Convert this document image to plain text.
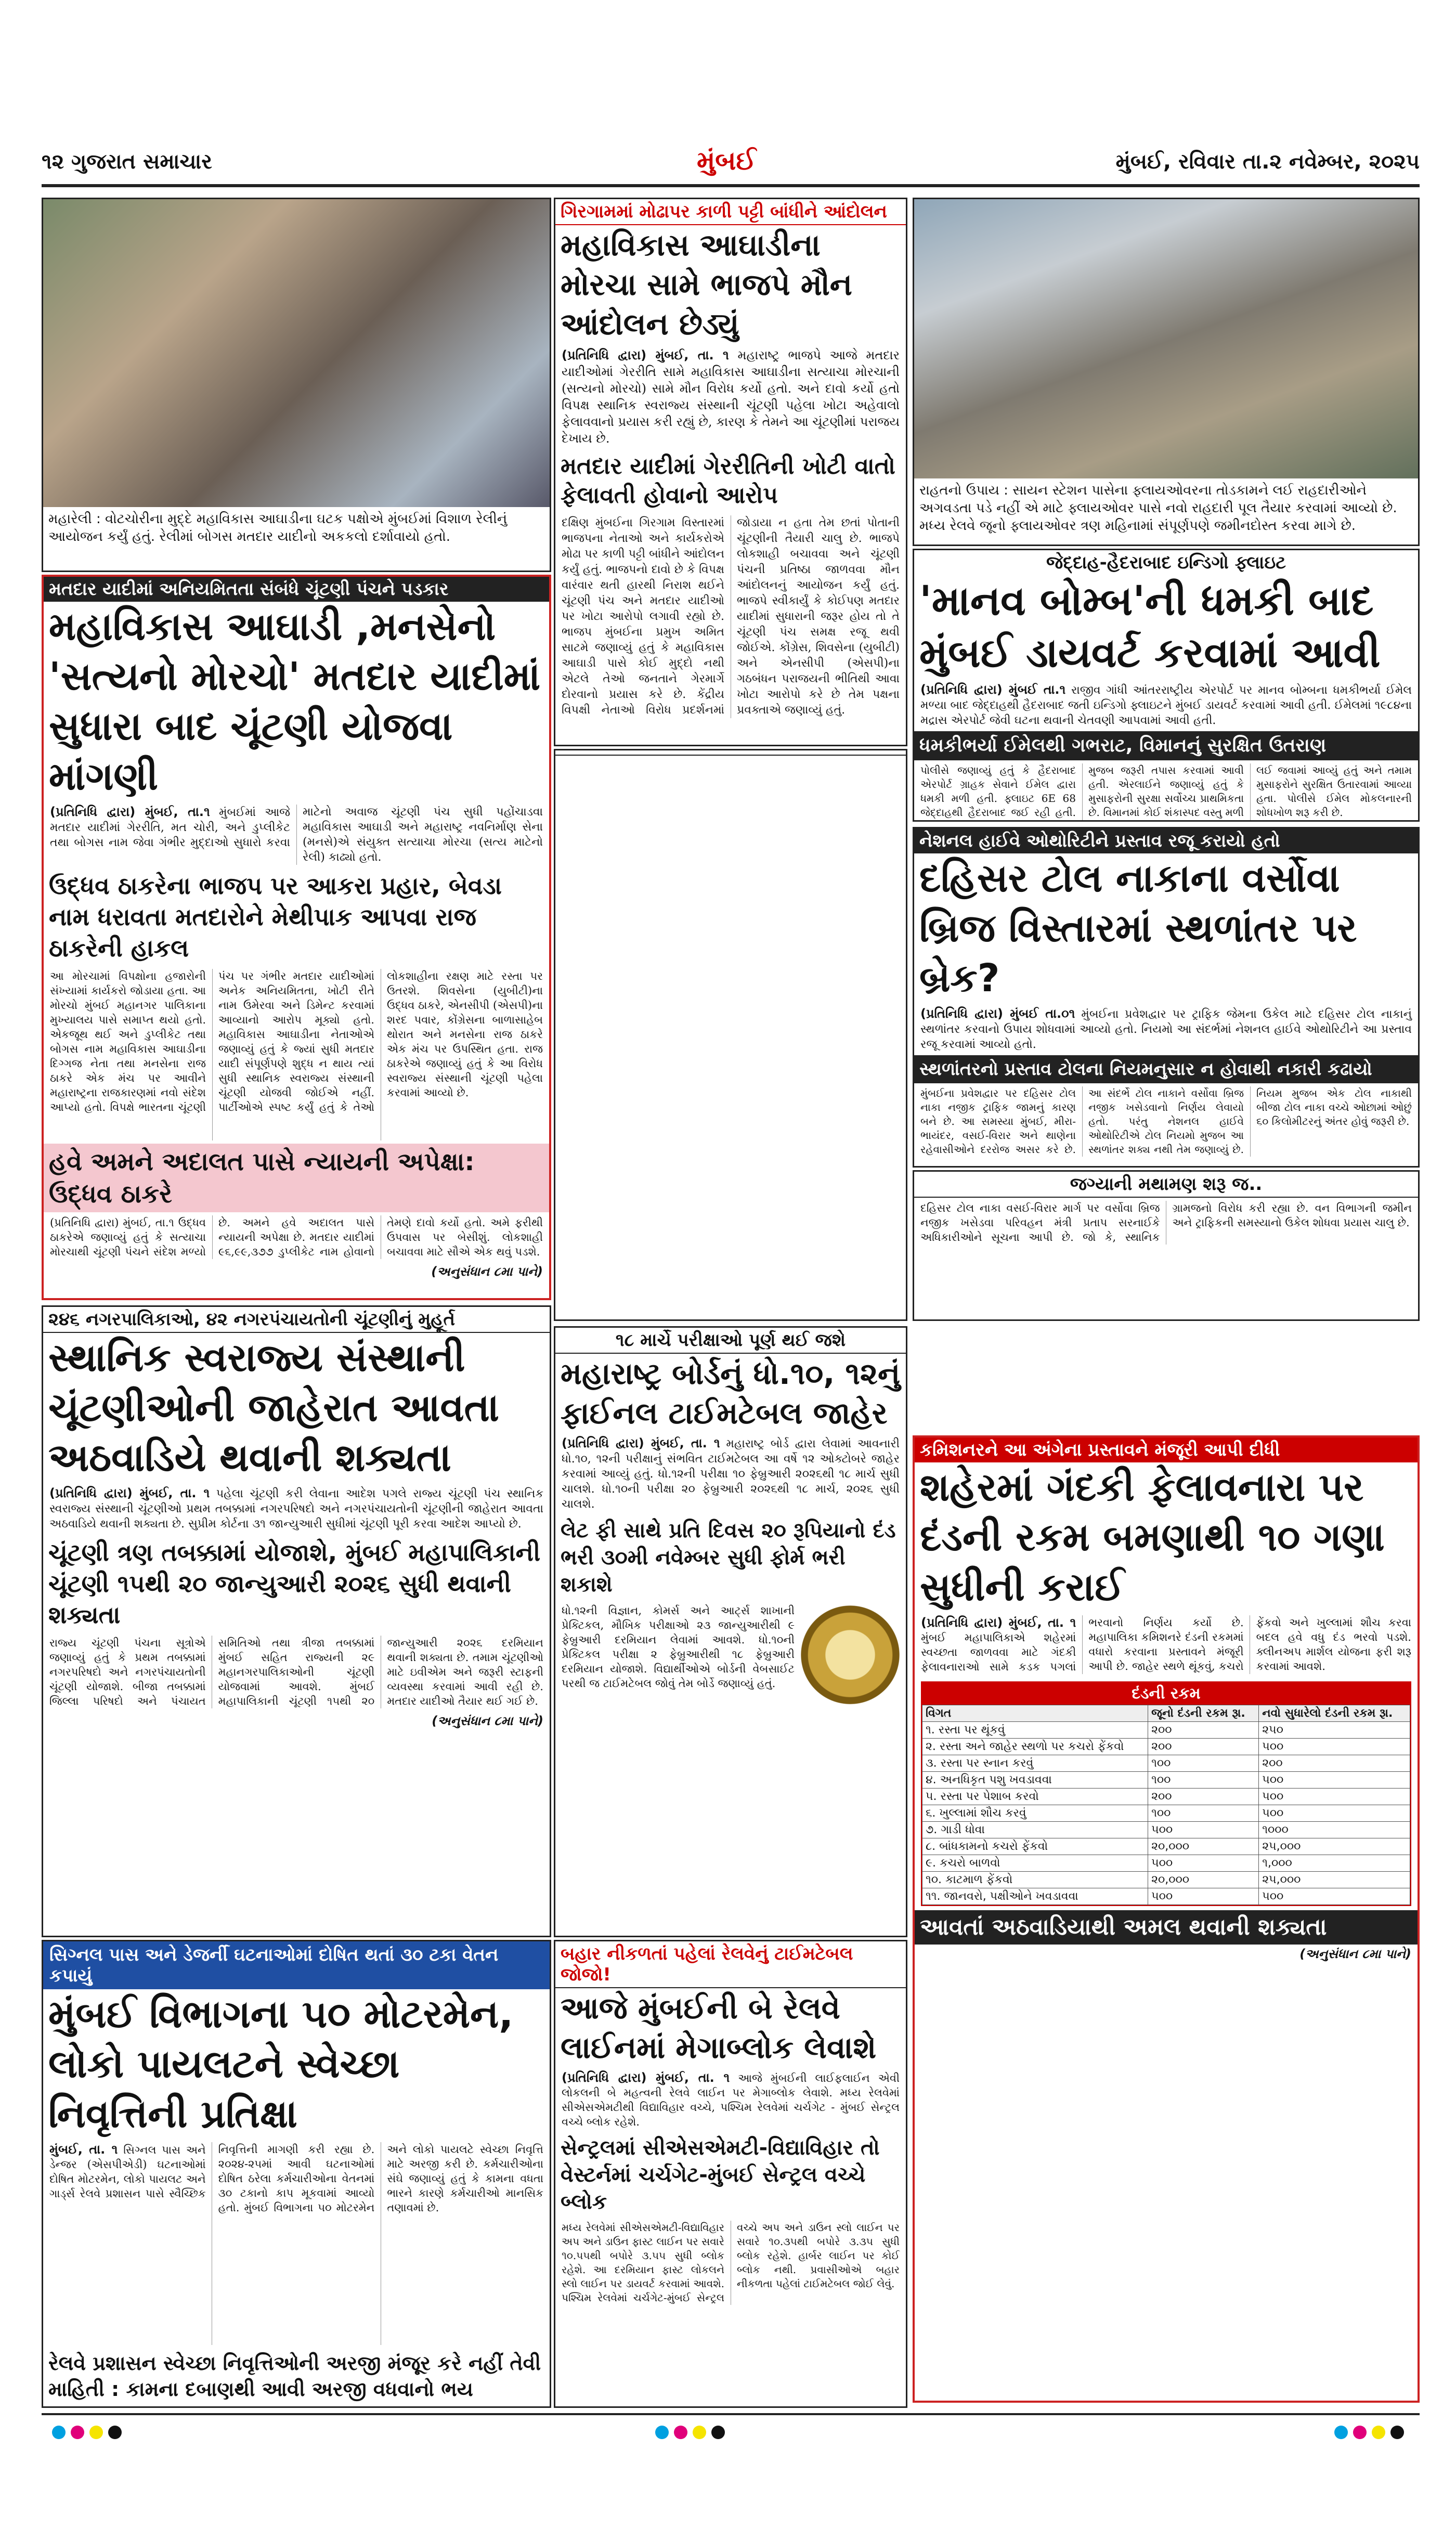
૧૨ ગુજરાત સમાચાર	મુંબઈ	મુંબઈ, રવિવાર તા.૨ નવેમ્બર, ૨૦૨૫
મહારેલી : વોટચોરીના મુદ્દે મહાવિકાસ આઘાડીના ઘટક પક્ષોએ મુંબઈમાં વિશાળ રેલીનું આયોજન કર્યું હતું. રેલીમાં બોગસ મતદાર યાદીનો અકકલો દર્શાવાયો હતો.
ગિરગામમાં મોઢાપર કાળી પટ્ટી બાંધીને આંદોલન
મહાવિકાસ આઘાડીના મોરચા સામે ભાજપે મૌન આંદોલન છેડ્યું
(પ્રતિનિધિ દ્વારા) મુંબઈ, તા. ૧ મહારાષ્ટ્ર ભાજપે આજે મતદાર યાદીઓમાં ગેરરીતિ સામે મહાવિકાસ આઘાડીના સત્યાચા મોરચાની (સત્યનો મોરચો) સામે મૌન વિરોધ કર્યો હતો. અને દાવો કર્યો હતો વિપક્ષ સ્થાનિક સ્વરાજ્ય સંસ્થાની ચૂંટણી પહેલા ખોટા અહેવાલો ફેલાવવાનો પ્રયાસ કરી રહ્યું છે, કારણ કે તેમને આ ચૂંટણીમાં પરાજય દેખાય છે.
મતદાર યાદીમાં ગેરરીતિની ખોટી વાતો ફેલાવતી હોવાનો આરોપ
દક્ષિણ મુંબઈના ગિરગામ વિસ્તારમાં ભાજપના નેતાઓ અને કાર્યકરોએ મોઢા પર કાળી પટ્ટી બાંધીને આંદોલન કર્યું હતું. ભાજપનો દાવો છે કે વિપક્ષ વારંવાર થતી હારથી નિરાશ થઈને ચૂંટણી પંચ અને મતદાર યાદીઓ પર ખોટા આરોપો લગાવી રહ્યો છે. ભાજપ મુંબઈના પ્રમુખ અમિત સાટમે જણાવ્યું હતું કે મહાવિકાસ આઘાડી પાસે કોઈ મુદ્દો નથી એટલે તેઓ જનતાને ગેરમાર્ગે દોરવાનો પ્રયાસ કરે છે. કેંદ્રીય વિપક્ષી નેતાઓ વિરોધ પ્રદર્શનમાં જોડાયા ન હતા તેમ છતાં પોતાની ચૂંટણીની તૈયારી ચાલુ છે. ભાજપે લોકશાહી બચાવવા અને ચૂંટણી પંચની પ્રતિષ્ઠા જાળવવા મૌન આંદોલનનું આયોજન કર્યું હતું. ભાજપે સ્વીકાર્યું કે કોઈપણ મતદાર યાદીમાં સુધારાની જરૂર હોય તો તે ચૂંટણી પંચ સમક્ષ રજૂ થવી જોઈએ. કોંગ્રેસ, શિવસેના (યુબીટી) અને એનસીપી (એસપી)ના ગઠબંધન પરાજયની ભીતિથી આવા ખોટા આરોપો કરે છે તેમ પક્ષના પ્રવક્તાએ જણાવ્યું હતું.
રાહતનો ઉપાય : સાયન સ્ટેશન પાસેના ફ્લાયઓવરના તોડકામને લઈ રાહદારીઓને અગવડતા પડે નહીં એ માટે ફ્લાયઓવર પાસે નવો રાહદારી પૂલ તૈયાર કરવામાં આવ્યો છે. મધ્ય રેલવે જૂનો ફ્લાયઓવર ત્રણ મહિનામાં સંપૂર્ણપણે જમીનદોસ્ત કરવા માગે છે.
જેદ્દાહ-હૈદરાબાદ ઇન્ડિગો ફ્લાઇટ
'માનવ બોમ્બ'ની ધમકી બાદ મુંબઈ ડાયવર્ટ કરવામાં આવી
(પ્રતિનિધિ દ્વારા) મુંબઈ તા.૧ રાજીવ ગાંધી આંતરરાષ્ટ્રીય એરપોર્ટ પર માનવ બોમ્બના ધમકીભર્યા ઈમેલ મળ્યા બાદ જેદ્દાહથી હૈદરાબાદ જતી ઇન્ડિગો ફ્લાઇટને મુંબઈ ડાયવર્ટ કરવામાં આવી હતી. ઈમેલમાં ૧૯૮૪ના મદ્રાસ એરપોર્ટ જેવી ઘટના થવાની ચેતવણી આપવામાં આવી હતી.
ધમકીભર્યા ઈમેલથી ગભરાટ, વિમાનનું સુરક્ષિત ઉતરાણ
પોલીસે જણાવ્યું હતું કે હૈદરાબાદ એરપોર્ટ ગ્રાહક સેવાને ઈમેલ દ્વારા ધમકી મળી હતી. ફ્લાઇટ 6E 68 જેદ્દાહથી હૈદરાબાદ જઈ રહી હતી. મુજબ જરૂરી તપાસ કરવામાં આવી હતી. એરલાઈને જણાવ્યું હતું કે મુસાફરોની સુરક્ષા સર્વોચ્ચ પ્રાથમિકતા છે. વિમાનમાં કોઈ શંકાસ્પદ વસ્તુ મળી લઈ જવામાં આવ્યું હતું અને તમામ મુસાફરોને સુરક્ષિત ઉતારવામાં આવ્યા હતા. પોલીસે ઈમેલ મોકલનારની શોધખોળ શરૂ કરી છે.
મતદાર યાદીમાં અનિયમિતતા સંબંધે ચૂંટણી પંચને પડકાર
મહાવિકાસ આઘાડી ,મનસેનો 'સત્યનો મોરચો' મતદાર યાદીમાં સુધારા બાદ ચૂંટણી યોજવા માંગણી
(પ્રતિનિધિ દ્વારા) મુંબઈ, તા.૧ મુંબઈમાં આજે મતદાર યાદીમાં ગેરરીતિ, મત ચોરી, અને ડુપ્લીકેટ તથા બોગસ નામ જેવા ગંભીર મુદ્દાઓ સુધારો કરવા માટેનો અવાજ ચૂંટણી પંચ સુધી પહોંચાડવા મહાવિકાસ આઘાડી અને મહારાષ્ટ્ર નવનિર્માણ સેના (મનસે)એ સંયુક્ત સત્યાચા મોરચા (સત્ય માટેનો રેલી) કાઢ્યો હતો.
ઉદ્ધવ ઠાકરેના ભાજપ પર આકરા પ્રહાર, બેવડા નામ ધરાવતા મતદારોને મેથીપાક આપવા રાજ ઠાકરેની હાકલ
આ મોરચામાં વિપક્ષોના હજારોની સંખ્યામાં કાર્યકરો જોડાયા હતા. આ મોરચો મુંબઈ મહાનગર પાલિકાના મુખ્યાલય પાસે સમાપ્ત થયો હતો. એકજૂથ થઈ અને ડુપ્લીકેટ તથા બોગસ નામ મહાવિકાસ આઘાડીના દિગ્ગજ નેતા તથા મનસેના રાજ ઠાકરે એક મંચ પર આવીને મહારાષ્ટ્રના રાજકારણમાં નવો સંદેશ આપ્યો હતો. વિપક્ષે ભારતના ચૂંટણી પંચ પર ગંભીર મતદાર યાદીઓમાં અનેક અનિયમિતતા, ખોટી રીતે નામ ઉમેરવા અને ડિમેન્ટ કરવામાં આવ્યાનો આરોપ મૂક્યો હતો. મહાવિકાસ આઘાડીના નેતાઓએ જણાવ્યું હતું કે જ્યાં સુધી મતદાર યાદી સંપૂર્ણપણે શુદ્ધ ન થાય ત્યાં સુધી સ્થાનિક સ્વરાજ્ય સંસ્થાની ચૂંટણી યોજવી જોઈએ નહીં. પાર્ટીઓએ સ્પષ્ટ કર્યું હતું કે તેઓ લોકશાહીના રક્ષણ માટે રસ્તા પર ઉતરશે. શિવસેના (યુબીટી)ના ઉદ્ધવ ઠાકરે, એનસીપી (એસપી)ના શરદ પવાર, કોંગ્રેસના બાળાસાહેબ થોરાત અને મનસેના રાજ ઠાકરે એક મંચ પર ઉપસ્થિત હતા. રાજ ઠાકરેએ જણાવ્યું હતું કે આ વિરોધ સ્વરાજ્ય સંસ્થાની ચૂંટણી પહેલા કરવામાં આવ્યો છે.
હવે અમને અદાલત પાસે ન્યાયની અપેક્ષા: ઉદ્ધવ ઠાકરે
(પ્રતિનિધિ દ્વારા) મુંબઈ, તા.૧ ઉદ્ધવ ઠાકરેએ જણાવ્યું હતું કે સત્યાચા મોરચાથી ચૂંટણી પંચને સંદેશ મળ્યો છે. અમને હવે અદાલત પાસે ન્યાયની અપેક્ષા છે. મતદાર યાદીમાં ૯૬,૯૯,૩૭૭ ડુપ્લીકેટ નામ હોવાનો તેમણે દાવો કર્યો હતો. અમે ફરીથી ઉપવાસ પર બેસીશું. લોકશાહી બચાવવા માટે સૌએ એક થવું પડશે.
(અનુસંધાન ૮મા પાને)
નેશનલ હાઈવે ઓથોરિટીને પ્રસ્તાવ રજૂ કરાયો હતો
દહિસર ટોલ નાકાના વર્સોવા બ્રિજ વિસ્તારમાં સ્થળાંતર પર બ્રેક?
(પ્રતિનિધિ દ્વારા) મુંબઈ તા.૦૧ મુંબઈના પ્રવેશદ્વાર પર ટ્રાફિક જેમના ઉકેલ માટે દહિસર ટોલ નાકાનું સ્થળાંતર કરવાનો ઉપાય શોધવામાં આવ્યો હતો. નિયમો આ સંદર્ભમાં નેશનલ હાઈવે ઓથોરિટીને આ પ્રસ્તાવ રજૂ કરવામાં આવ્યો હતો.
સ્થળાંતરનો પ્રસ્તાવ ટોલના નિયમનુસાર ન હોવાથી નકારી કઢાયો
મુંબઈના પ્રવેશદ્વાર પર દહિસર ટોલ નાકા નજીક ટ્રાફિક જામનું કારણ બને છે. આ સમસ્યા મુંબઈ, મીરા-ભાયંદર, વસઈ-વિરાર અને થાણેના રહેવાસીઓને દરરોજ અસર કરે છે. આ સંદર્ભે ટોલ નાકાને વર્સોવા બ્રિજ નજીક ખસેડવાનો નિર્ણય લેવાયો હતો. પરંતુ નેશનલ હાઈવે ઓથોરિટીએ ટોલ નિયમો મુજબ આ સ્થળાંતર શક્ય નથી તેમ જણાવ્યું છે. નિયમ મુજબ એક ટોલ નાકાથી બીજા ટોલ નાકા વચ્ચે ઓછામાં ઓછું ૬૦ કિલોમીટરનું અંતર હોવું જરૂરી છે.
જગ્યાની મથામણ શરૂ જ..
દહિસર ટોલ નાકા વસઈ-વિરાર માર્ગ પર વર્સોવા બ્રિજ નજીક ખસેડવા પરિવહન મંત્રી પ્રતાપ સરનાઈકે અધિકારીઓને સૂચના આપી છે. જો કે, સ્થાનિક ગ્રામજનો વિરોધ કરી રહ્યા છે. વન વિભાગની જમીન અને ટ્રાફિકની સમસ્યાનો ઉકેલ શોધવા પ્રયાસ ચાલુ છે.
૨૪૬ નગરપાલિકાઓ, ૪૨ નગરપંચાયતોની ચૂંટણીનું મુહૂર્ત
સ્થાનિક સ્વરાજ્ય સંસ્થાની ચૂંટણીઓની જાહેરાત આવતા અઠવાડિયે થવાની શક્યતા
(પ્રતિનિધિ દ્વારા) મુંબઈ, તા. ૧ પહેલા ચૂંટણી કરી લેવાના આદેશ પગલે રાજ્ય ચૂંટણી પંચ સ્થાનિક સ્વરાજ્ય સંસ્થાની ચૂંટણીઓ પ્રથમ તબક્કામાં નગરપરિષદો અને નગરપંચાયતોની ચૂંટણીની જાહેરાત આવતા અઠવાડિયે થવાની શક્યતા છે. સુપ્રીમ કોર્ટના ૩૧ જાન્યુઆરી સુધીમાં ચૂંટણી પૂરી કરવા આદેશ આપ્યો છે.
ચૂંટણી ત્રણ તબક્કામાં યોજાશે, મુંબઈ મહાપાલિકાની ચૂંટણી ૧૫થી ૨૦ જાન્યુઆરી ૨૦૨૬ સુધી થવાની શક્યતા
રાજ્ય ચૂંટણી પંચના સૂત્રોએ જણાવ્યું હતું કે પ્રથમ તબક્કામાં નગરપરિષદો અને નગરપંચાયતોની ચૂંટણી યોજાશે. બીજા તબક્કામાં જિલ્લા પરિષદો અને પંચાયત સમિતિઓ તથા ત્રીજા તબક્કામાં મુંબઈ સહિત રાજ્યની ૨૯ મહાનગરપાલિકાઓની ચૂંટણી યોજવામાં આવશે. મુંબઈ મહાપાલિકાની ચૂંટણી ૧૫થી ૨૦ જાન્યુઆરી ૨૦૨૬ દરમિયાન થવાની શક્યતા છે. તમામ ચૂંટણીઓ માટે ઇવીએમ અને જરૂરી સ્ટાફની વ્યવસ્થા કરવામાં આવી રહી છે. મતદાર યાદીઓ તૈયાર થઈ ગઈ છે.
(અનુસંધાન ૮મા પાને)
૧૮ માર્ચે પરીક્ષાઓ પૂર્ણ થઈ જશે
મહારાષ્ટ્ર બોર્ડનું ધો.૧૦, ૧૨નું ફાઈનલ ટાઈમટેબલ જાહેર
(પ્રતિનિધિ દ્વારા) મુંબઈ, તા. ૧ મહારાષ્ટ્ર બોર્ડ દ્વારા લેવામાં આવનારી ધો.૧૦, ૧૨ની પરીક્ષાનું સંભવિત ટાઈમટેબલ આ વર્ષે ૧૨ ઓક્ટોબરે જાહેર કરવામાં આવ્યું હતું. ધો.૧૨ની પરીક્ષા ૧૦ ફેબ્રુઆરી ૨૦૨૬થી ૧૮ માર્ચ સુધી ચાલશે. ધો.૧૦ની પરીક્ષા ૨૦ ફેબ્રુઆરી ૨૦૨૬થી ૧૮ માર્ચ, ૨૦૨૬ સુધી ચાલશે.
લેટ ફી સાથે પ્રતિ દિવસ ૨૦ રૂપિયાનો દંડ ભરી ૩૦મી નવેમ્બર સુધી ફોર્મ ભરી શકાશે
ધો.૧૨ની વિજ્ઞાન, કોમર્સ અને આર્ટ્સ શાખાની પ્રેક્ટિકલ, મૌખિક પરીક્ષાઓ ૨૩ જાન્યુઆરીથી ૯ ફેબ્રુઆરી દરમિયાન લેવામાં આવશે. ધો.૧૦ની પ્રેક્ટિકલ પરીક્ષા ૨ ફેબ્રુઆરીથી ૧૮ ફેબ્રુઆરી દરમિયાન યોજાશે. વિદ્યાર્થીઓએ બોર્ડની વેબસાઈટ પરથી જ ટાઈમટેબલ જોવું તેમ બોર્ડે જણાવ્યું હતું.
કમિશનરને આ અંગેના પ્રસ્તાવને મંજૂરી આપી દીધી
શહેરમાં ગંદકી ફેલાવનારા પર દંડની રકમ બમણાથી ૧૦ ગણા સુધીની કરાઈ
(પ્રતિનિધિ દ્વારા) મુંબઈ, તા. ૧ મુંબઈ મહાપાલિકાએ શહેરમાં સ્વચ્છતા જાળવવા માટે ગંદકી ફેલાવનારાઓ સામે કડક પગલાં ભરવાનો નિર્ણય કર્યો છે. મહાપાલિકા કમિશનરે દંડની રકમમાં વધારો કરવાના પ્રસ્તાવને મંજૂરી આપી છે. જાહેર સ્થળે થૂંકવું, કચરો ફેંકવો અને ખુલ્લામાં શૌચ કરવા બદલ હવે વધુ દંડ ભરવો પડશે. ક્લીનઅપ માર્શલ યોજના ફરી શરૂ કરવામાં આવશે.
દંડની રકમ
વિગત	જૂનો દંડની રકમ રૂા.	નવો સુધારેલો દંડની રકમ રૂા.
૧. રસ્તા પર થૂંકવું	૨૦૦	૨૫૦
૨. રસ્તા અને જાહેર સ્થળો પર કચરો ફેંકવો	૨૦૦	૫૦૦
૩. રસ્તા પર સ્નાન કરવું	૧૦૦	૨૦૦
૪. અનધિકૃત પશુ ખવડાવવા	૧૦૦	૫૦૦
૫. રસ્તા પર પેશાબ કરવો	૨૦૦	૫૦૦
૬. ખુલ્લામાં શૌચ કરવું	૧૦૦	૫૦૦
૭. ગાડી ધોવા	૫૦૦	૧૦૦૦
૮. બાંધકામનો કચરો ફેંકવો	૨૦,૦૦૦	૨૫,૦૦૦
૯. કચરો બાળવો	૫૦૦	૧,૦૦૦
૧૦. કાટમાળ ફેંકવો	૨૦,૦૦૦	૨૫,૦૦૦
૧૧. જાનવરો, પક્ષીઓને ખવડાવવા	૫૦૦	૫૦૦
આવતાં અઠવાડિયાથી અમલ થવાની શક્યતા
(અનુસંધાન ૮મા પાને)
સિગ્નલ પાસ અને ડેજર્ની ઘટનાઓમાં દોષિત થતાં ૩૦ ટકા વેતન કપાયું
મુંબઈ વિભાગના ૫૦ મોટરમેન, લોકો પાયલટને સ્વેચ્છા નિવૃત્તિની પ્રતિક્ષા
મુંબઈ, તા. ૧ સિગ્નલ પાસ અને ડેન્જર (એસપીએડી) ઘટનાઓમાં દોષિત મોટરમેન, લોકો પાયલટ અને ગાર્ડ્સ રેલવે પ્રશાસન પાસે સ્વૈચ્છિક નિવૃત્તિની માગણી કરી રહ્યા છે. ૨૦૨૪-૨૫માં આવી ઘટનાઓમાં દોષિત ઠરેલા કર્મચારીઓના વેતનમાં ૩૦ ટકાનો કાપ મૂકવામાં આવ્યો હતો. મુંબઈ વિભાગના ૫૦ મોટરમેન અને લોકો પાયલટે સ્વેચ્છા નિવૃત્તિ માટે અરજી કરી છે. કર્મચારીઓના સંઘે જણાવ્યું હતું કે કામના વધતા ભારને કારણે કર્મચારીઓ માનસિક તણાવમાં છે.
રેલવે પ્રશાસન સ્વેચ્છા નિવૃત્તિઓની અરજી મંજૂર કરે નહીં તેવી માહિતી : કામના દબાણથી આવી અરજી વધવાનો ભય
બહાર નીકળતાં પહેલાં રેલવેનું ટાઈમટેબલ જોજો!
આજે મુંબઈની બે રેલવે લાઈનમાં મેગાબ્લોક લેવાશે
(પ્રતિનિધિ દ્વારા) મુંબઈ, તા. ૧ આજે મુંબઈની લાઈફલાઈન એવી લોકલની બે મહત્વની રેલવે લાઈન પર મેગાબ્લોક લેવાશે. મધ્ય રેલવેમાં સીએસએમટીથી વિદ્યાવિહાર વચ્ચે, પશ્ચિમ રેલવેમાં ચર્ચગેટ - મુંબઈ સેન્ટ્રલ વચ્ચે બ્લોક રહેશે.
સેન્ટ્રલમાં સીએસએમટી-વિદ્યાવિહાર તો વેસ્ટર્નમાં ચર્ચગેટ-મુંબઈ સેન્ટ્રલ વચ્ચે બ્લોક
મધ્ય રેલવેમાં સીએસએમટી-વિદ્યાવિહાર અપ અને ડાઉન ફાસ્ટ લાઈન પર સવારે ૧૦.૫૫થી બપોરે ૩.૫૫ સુધી બ્લોક રહેશે. આ દરમિયાન ફાસ્ટ લોકલને સ્લો લાઈન પર ડાયવર્ટ કરવામાં આવશે. પશ્ચિમ રેલવેમાં ચર્ચગેટ-મુંબઈ સેન્ટ્રલ વચ્ચે અપ અને ડાઉન સ્લો લાઈન પર સવારે ૧૦.૩૫થી બપોરે ૩.૩૫ સુધી બ્લોક રહેશે. હાર્બર લાઈન પર કોઈ બ્લોક નથી. પ્રવાસીઓએ બહાર નીકળતા પહેલાં ટાઈમટેબલ જોઈ લેવું.
